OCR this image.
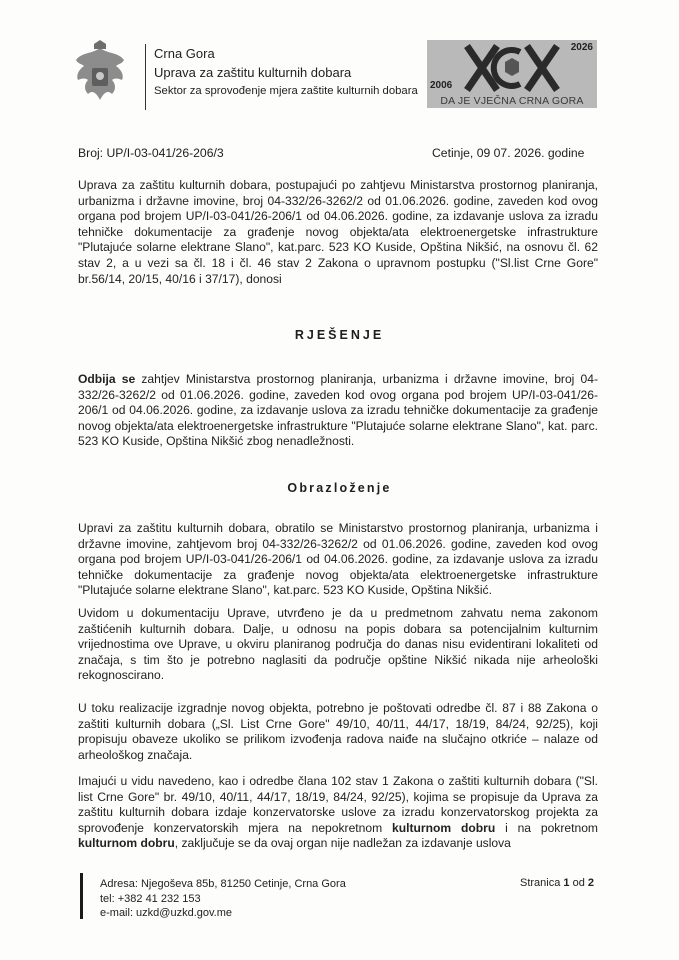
Crna Gora
Uprava za zaštitu kulturnih dobara
Sektor za sprovođenje mjera zaštite kulturnih dobara
2026
2006
DA JE VJEČNA CRNA GORA
Broj: UP/I-03-041/26-206/3	Cetinje, 09 07. 2026. godine
Uprava za zaštitu kulturnih dobara, postupajući po zahtjevu Ministarstva prostornog planiranja, urbanizma i državne imovine, broj 04-332/26-3262/2 od 01.06.2026. godine, zaveden kod ovog organa pod brojem UP/I-03-041/26-206/1 od 04.06.2026. godine, za izdavanje uslova za izradu tehničke dokumentacije za građenje novog objekta/ata elektroenergetske infrastrukture "Plutajuće solarne elektrane Slano", kat.parc. 523 KO Kuside, Opština Nikšić, na osnovu čl. 62 stav 2, a u vezi sa čl. 18 i čl. 46 stav 2 Zakona o upravnom postupku ("Sl.list Crne Gore" br.56/14, 20/15, 40/16 i 37/17), donosi
RJEŠENJE
Odbija se zahtjev Ministarstva prostornog planiranja, urbanizma i državne imovine, broj 04-332/26-3262/2 od 01.06.2026. godine, zaveden kod ovog organa pod brojem UP/I-03-041/26-206/1 od 04.06.2026. godine, za izdavanje uslova za izradu tehničke dokumentacije za građenje novog objekta/ata elektroenergetske infrastrukture "Plutajuće solarne elektrane Slano", kat. parc. 523 KO Kuside, Opština Nikšić zbog nenadležnosti.
Obrazloženje
Upravi za zaštitu kulturnih dobara, obratilo se Ministarstvo prostornog planiranja, urbanizma i državne imovine, zahtjevom broj 04-332/26-3262/2 od 01.06.2026. godine, zaveden kod ovog organa pod brojem UP/I-03-041/26-206/1 od 04.06.2026. godine, za izdavanje uslova za izradu tehničke dokumentacije za građenje novog objekta/ata elektroenergetske infrastrukture "Plutajuće solarne elektrane Slano", kat.parc. 523 KO Kuside, Opština Nikšić.
Uvidom u dokumentaciju Uprave, utvrđeno je da u predmetnom zahvatu nema zakonom zaštićenih kulturnih dobara. Dalje, u odnosu na popis dobara sa potencijalnim kulturnim vrijednostima ove Uprave, u okviru planiranog područja do danas nisu evidentirani lokaliteti od značaja, s tim što je potrebno naglasiti da područje opštine Nikšić nikada nije arheološki rekognoscirano.
U toku realizacije izgradnje novog objekta, potrebno je poštovati odredbe čl. 87 i 88 Zakona o zaštiti kulturnih dobara („Sl. List Crne Gore" 49/10, 40/11, 44/17, 18/19, 84/24, 92/25), koji propisuju obaveze ukoliko se prilikom izvođenja radova naiđe na slučajno otkriće – nalaze od arheološkog značaja.
Imajući u vidu navedeno, kao i odredbe člana 102 stav 1 Zakona o zaštiti kulturnih dobara ("Sl. list Crne Gore" br. 49/10, 40/11, 44/17, 18/19, 84/24, 92/25), kojima se propisuje da Uprava za zaštitu kulturnih dobara izdaje konzervatorske uslove za izradu konzervatorskog projekta za sprovođenje konzervatorskih mjera na nepokretnom kulturnom dobru i na pokretnom kulturnom dobru, zaključuje se da ovaj organ nije nadležan za izdavanje uslova
Adresa: Njegoševa 85b, 81250 Cetinje, Crna Gora
tel: +382 41 232 153
e-mail: uzkd@uzkd.gov.me
Stranica 1 od 2
